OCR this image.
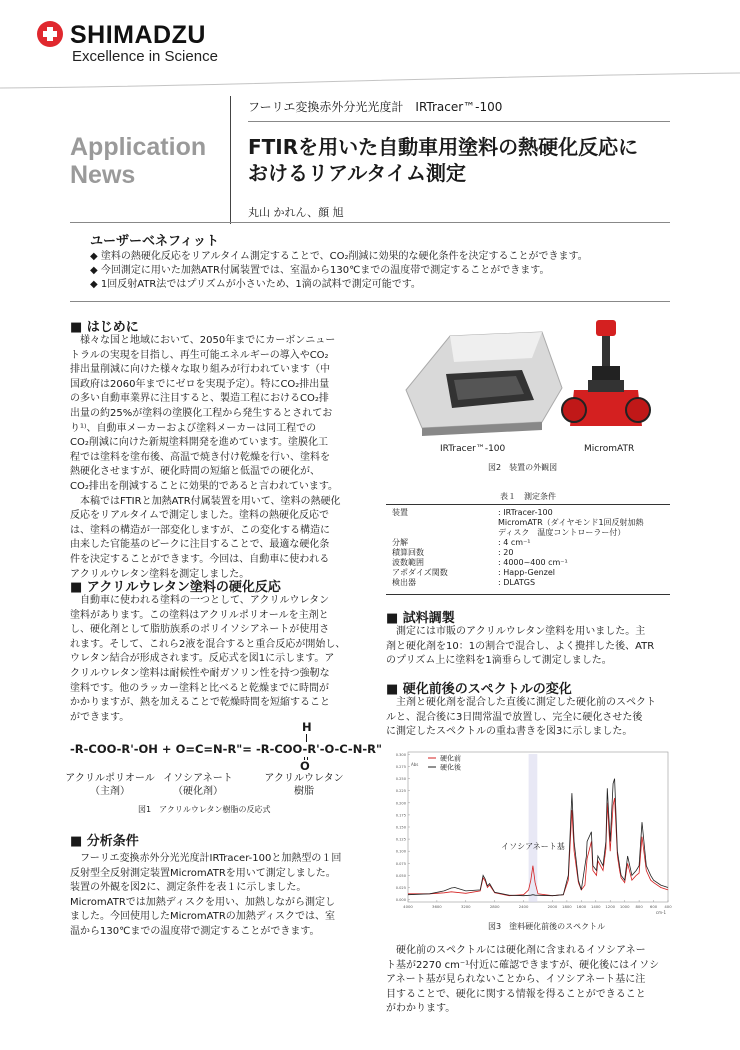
SHIMADZU
Excellence in Science
Application
News
フーリエ変換赤外分光光度計　IRTracer™-100
FTIRを用いた自動車用塗料の熱硬化反応に
おけるリアルタイム測定
丸山 かれん、顔 旭
ユーザーベネフィット
◆ 塗料の熱硬化反応をリアルタイム測定することで、CO₂削減に効果的な硬化条件を決定することができます。
◆ 今回測定に用いた加熱ATR付属装置では、室温から130℃までの温度帯で測定することができます。
◆ 1回反射ATR法ではプリズムが小さいため、1滴の試料で測定可能です。
■ はじめに

　様々な国と地域において、2050年までにカーボンニュー

トラルの実現を目指し、再生可能エネルギーの導入やCO₂

排出量削減に向けた様々な取り組みが行われています（中

国政府は2060年までにゼロを実現予定）。特にCO₂排出量

の多い自動車業界に注目すると、製造工程におけるCO₂排

出量の約25%が塗料の塗膜化工程から発生するとされてお

り¹⁾、自動車メーカーおよび塗料メーカーは同工程での

CO₂削減に向けた新規塗料開発を進めています。塗膜化工

程では塗料を塗布後、高温で焼き付け乾燥を行い、塗料を

熱硬化させますが、硬化時間の短縮と低温での硬化が、

CO₂排出を削減することに効果的であると言われています。

　本稿ではFTIRと加熱ATR付属装置を用いて、塗料の熱硬化

反応をリアルタイムで測定しました。塗料の熱硬化反応で

は、塗料の構造が一部変化しますが、この変化する構造に

由来した官能基のピークに注目することで、最適な硬化条

件を決定することができます。今回は、自動車に使われる

アクリルウレタン塗料を測定しました。

■ アクリルウレタン塗料の硬化反応

　自動車に使われる塗料の一つとして、アクリルウレタン

塗料があります。この塗料はアクリルポリオールを主剤と

し、硬化剤として脂肪族系のポリイソシアネートが使用さ

れます。そして、これら2液を混合すると重合反応が開始し、

ウレタン結合が形成されます。反応式を図1に示します。ア

クリルウレタン塗料は耐候性や耐ガソリン性を持つ強靭な

塗料です。他のラッカー塗料と比べると乾燥までに時間が

かかりますが、熱を加えることで乾燥時間を短縮すること

ができます。

H
-R-COO-R'-OH + O=C=N-R"= -R-COO-R'-O-C-N-R"
O
アクリルポリオール
（主剤）
イソシアネート
（硬化剤）
アクリルウレタン
樹脂
図1　アクリルウレタン樹脂の反応式
■ 分析条件

　フーリエ変換赤外分光光度計IRTracer-100と加熱型の１回

反射型全反射測定装置MicromATRを用いて測定しました。

装置の外観を図2に、測定条件を表１に示しました。

MicromATRでは加熱ディスクを用い、加熱しながら測定し

ました。今回使用したMicromATRの加熱ディスクでは、室

温から130℃までの温度帯で測定することができます。

IRTracer™-100	MicromATR
図2　装置の外観図
表１　測定条件
装置	: IRTracer-100
	MicromATR（ダイヤモンド1回反射加熱
	ディスク　温度コントローラー付）
分解	: 4 cm⁻¹
積算回数	: 20
波数範囲	: 4000~400 cm⁻¹
アポダイズ関数	: Happ-Genzel
検出器	: DLATGS
■ 試料調製

　測定には市販のアクリルウレタン塗料を用いました。主

剤と硬化剤を10：1の割合で混合し、よく攪拌した後、ATR

のプリズム上に塗料を1滴垂らして測定しました。

■ 硬化前後のスペクトルの変化

　主剤と硬化剤を混合した直後に測定した硬化前のスペクト

ルと、混合後に3日間常温で放置し、完全に硬化させた後

に測定したスペクトルの重ね書きを図3に示しました。

0.300
0.275
0.250
0.225
0.200
0.175
0.150
0.125
0.100
0.075
0.050
0.025
0.000
Abs
4000	3600	3200	2800	2400	2000 1800 1600 1400 1200 1000 800 600 400
cm-1
硬化前
硬化後
イソシアネート基
図3　塗料硬化前後のスペクトル

　硬化前のスペクトルには硬化剤に含まれるイソシアネー

ト基が2270 cm⁻¹付近に確認できますが、硬化後にはイソシ

アネート基が見られないことから、イソシアネート基に注

目することで、硬化に関する情報を得ることができること

がわかります。
